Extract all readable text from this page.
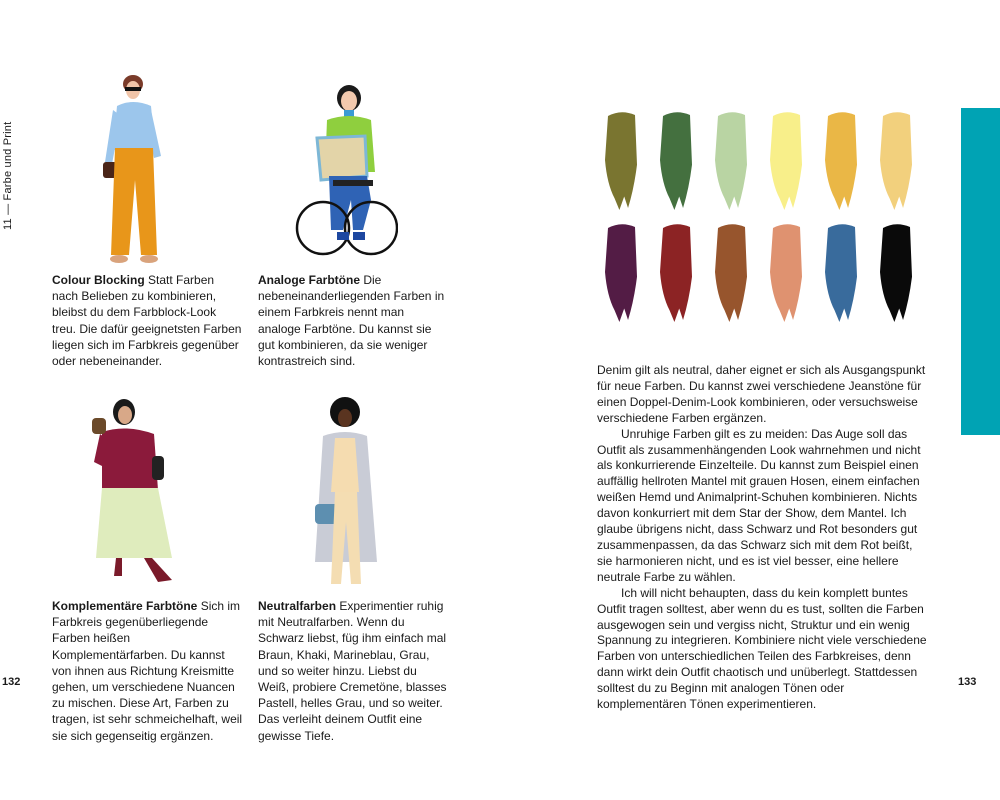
11 — Farbe und Print
132	133

Colour Blocking Statt Farben nach Belieben zu kombinieren, bleibst du dem Farbblock-Look treu. Die dafür geeignetsten Farben liegen sich im Farbkreis gegenüber oder nebeneinander.

Analoge Farbtöne Die nebeneinanderliegenden Farben in einem Farbkreis nennt man analoge Farbtöne. Du kannst sie gut kombinieren, da sie weniger kontrastreich sind.

Komplementäre Farbtöne Sich im Farbkreis gegenüberliegende Farben heißen Komplementärfarben. Du kannst von ihnen aus Richtung Kreismitte gehen, um verschiedene Nuancen zu mischen. Diese Art, Farben zu tragen, ist sehr schmeichelhaft, weil sie sich gegenseitig ergänzen.

Neutralfarben Experimentier ruhig mit Neutralfarben. Wenn du Schwarz liebst, füg ihm einfach mal Braun, Khaki, Marineblau, Grau, und so weiter hinzu. Liebst du Weiß, probiere Cremetöne, blasses Pastell, helles Grau, und so weiter. Das verleiht deinem Outfit eine gewisse Tiefe.

Denim gilt als neutral, daher eignet er sich als Ausgangspunkt für neue Farben. Du kannst zwei verschiedene Jeanstöne für einen Doppel-Denim-Look kombinieren, oder versuchsweise verschiedene Farben ergänzen.

Unruhige Farben gilt es zu meiden: Das Auge soll das Outfit als zusammenhängenden Look wahrnehmen und nicht als konkurrierende Einzelteile. Du kannst zum Beispiel einen auffällig hellroten Mantel mit grauen Hosen, einem einfachen weißen Hemd und Animalprint-Schuhen kombinieren. Nichts davon konkurriert mit dem Star der Show, dem Mantel. Ich glaube übrigens nicht, dass Schwarz und Rot besonders gut zusammenpassen, da das Schwarz sich mit dem Rot beißt, sie harmonieren nicht, und es ist viel besser, eine hellere neutrale Farbe zu wählen.

Ich will nicht behaupten, dass du kein komplett buntes Outfit tragen solltest, aber wenn du es tust, sollten die Farben ausgewogen sein und vergiss nicht, Struktur und ein wenig Spannung zu integrieren. Kombiniere nicht viele verschiedene Farben von unterschiedlichen Teilen des Farbkreises, denn dann wirkt dein Outfit chaotisch und unüberlegt. Stattdessen solltest du zu Beginn mit analogen Tönen oder komplementären Tönen experimentieren.
